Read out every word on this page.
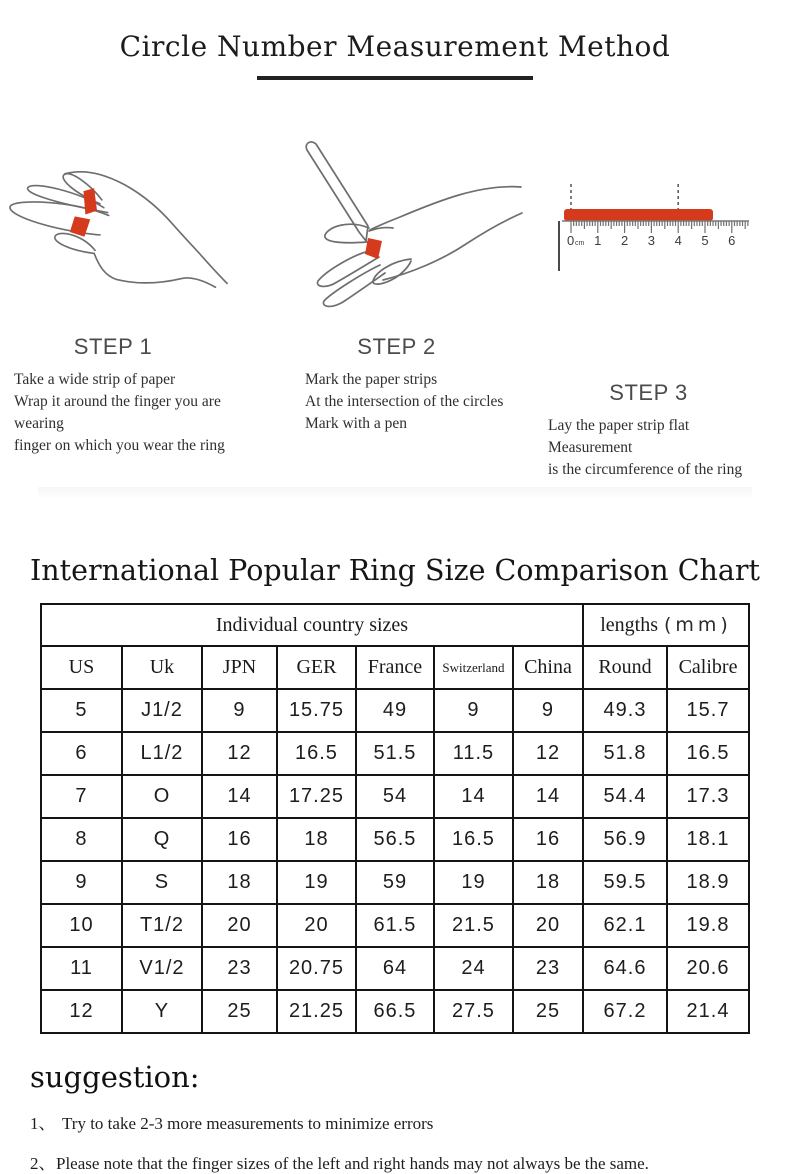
Circle Number Measurement Method
STEP 1
Take a wide strip of paper
Wrap it around the finger you are wearing
finger on which you wear the ring
STEP 2
Mark the paper strips
At the intersection of the circles
Mark with a pen
0 cm 1 2 3 4 5 6
STEP 3
Lay the paper strip flat
Measurement
is the circumference of the ring
International Popular Ring Size Comparison Chart
Individual country sizes							lengths (mm)	
US	Uk	JPN	GER	France	Switzerland	China	Round	Calibre
5	J1/2	9	15.75	49	9	9	49.3	15.7
6	L1/2	12	16.5	51.5	11.5	12	51.8	16.5
7	O	14	17.25	54	14	14	54.4	17.3
8	Q	16	18	56.5	16.5	16	56.9	18.1
9	S	18	19	59	19	18	59.5	18.9
10	T1/2	20	20	61.5	21.5	20	62.1	19.8
11	V1/2	23	20.75	64	24	23	64.6	20.6
12	Y	25	21.25	66.5	27.5	25	67.2	21.4
suggestion:
1、 Try to take 2-3 more measurements to minimize errors
2、Please note that the finger sizes of the left and right hands may not always be the same.
